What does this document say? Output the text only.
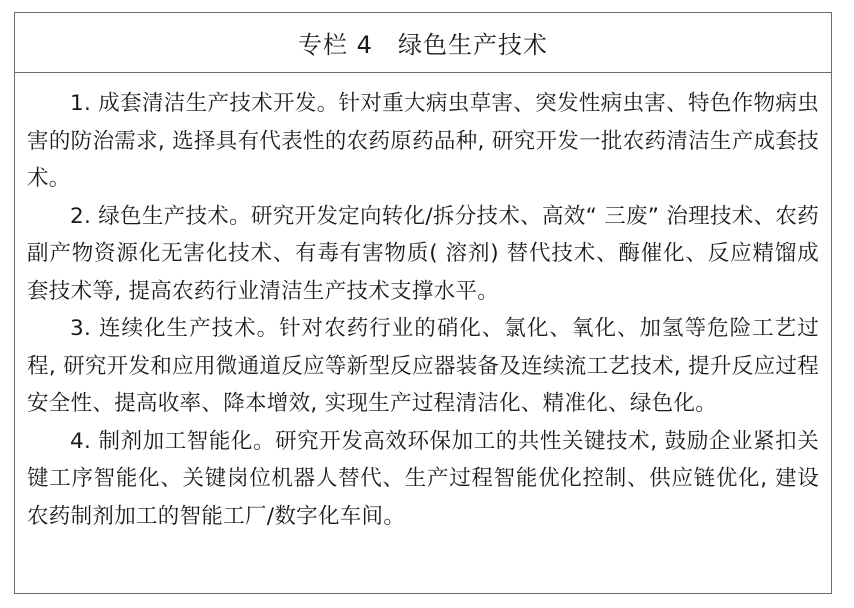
专栏 4　绿色生产技术

1. 成套清洁生产技术开发。针对重大病虫草害、突发性病虫害、特色作物病虫害的防治需求, 选择具有代表性的农药原药品种, 研究开发一批农药清洁生产成套技术。

2. 绿色生产技术。研究开发定向转化/拆分技术、高效“ 三废” 治理技术、农药副产物资源化无害化技术、有毒有害物质( 溶剂) 替代技术、酶催化、反应精馏成套技术等, 提高农药行业清洁生产技术支撑水平。

3. 连续化生产技术。针对农药行业的硝化、氯化、氧化、加氢等危险工艺过程, 研究开发和应用微通道反应等新型反应器装备及连续流工艺技术, 提升反应过程安全性、提高收率、降本增效, 实现生产过程清洁化、精准化、绿色化。

4. 制剂加工智能化。研究开发高效环保加工的共性关键技术, 鼓励企业紧扣关键工序智能化、关键岗位机器人替代、生产过程智能优化控制、供应链优化, 建设农药制剂加工的智能工厂/数字化车间。
